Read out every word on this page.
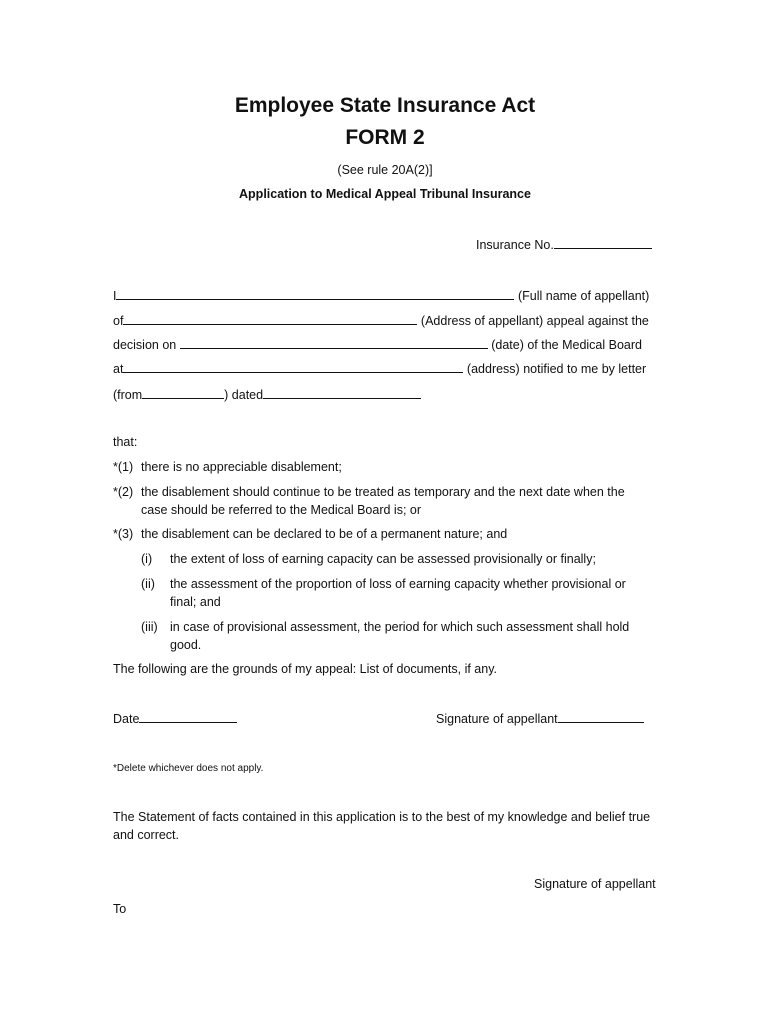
Employee State Insurance Act
FORM 2
(See rule 20A(2)]
Application to Medical Appeal Tribunal Insurance
Insurance No.
I	(Full name of appellant)
of	(Address of appellant) appeal against the
decision on	(date) of the Medical Board
at	(address) notified to me by letter
(from	) dated
that:
*(1) there is no appreciable disablement;
*(2) the disablement should continue to be treated as temporary and the next date when the
case should be referred to the Medical Board is; or
*(3) the disablement can be declared to be of a permanent nature; and
(i) the extent of loss of earning capacity can be assessed provisionally or finally;
(ii) the assessment of the proportion of loss of earning capacity whether provisional or
final; and
(iii) in case of provisional assessment, the period for which such assessment shall hold
good.
The following are the grounds of my appeal: List of documents, if any.
Date	Signature of appellant
*Delete whichever does not apply.
The Statement of facts contained in this application is to the best of my knowledge and belief true
and correct.
Signature of appellant
To
